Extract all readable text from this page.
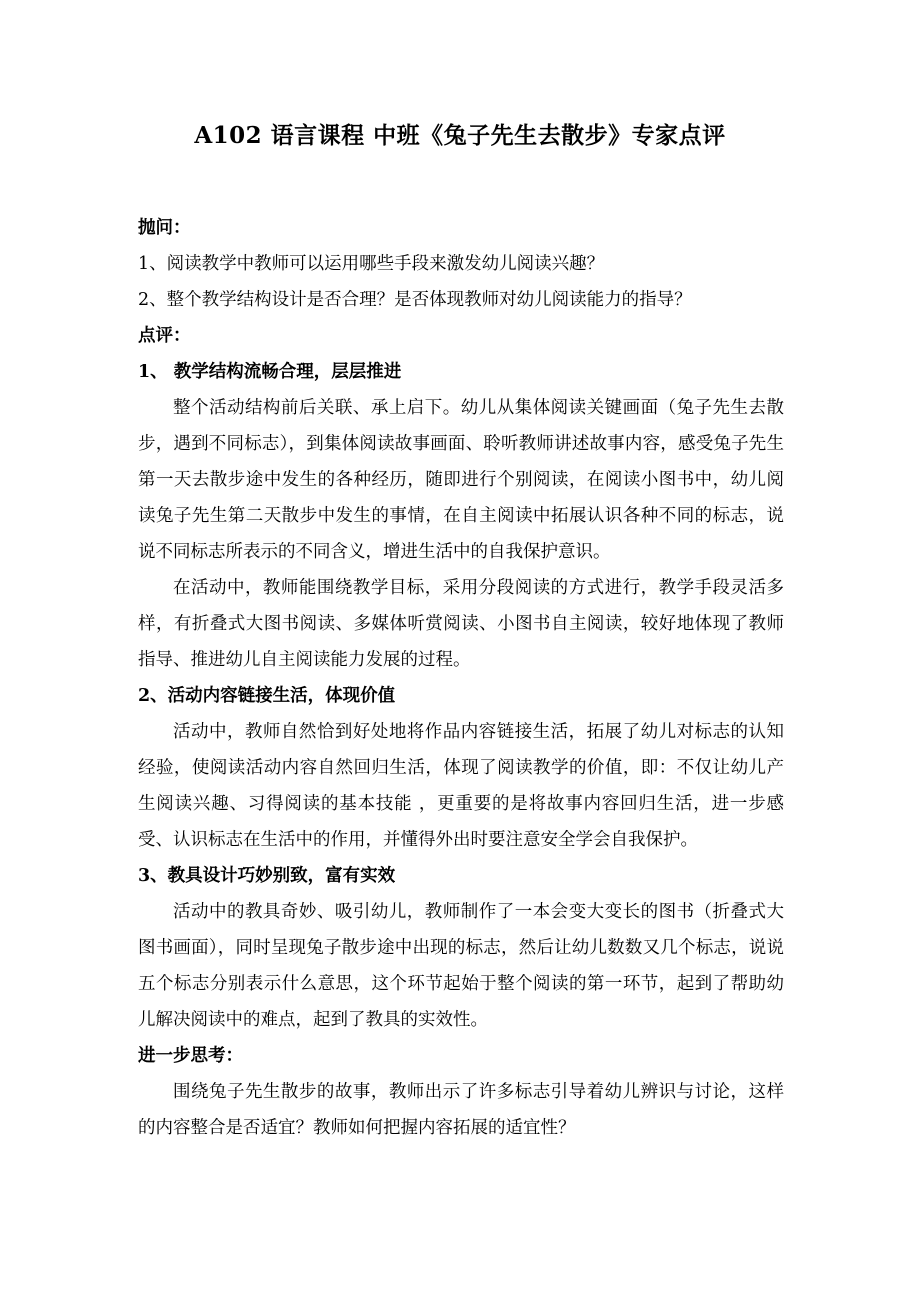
A102 语言课程 中班《兔子先生去散步》专家点评

抛问：

1、阅读教学中教师可以运用哪些手段来激发幼儿阅读兴趣？

2、整个教学结构设计是否合理？是否体现教师对幼儿阅读能力的指导？

点评：

1、 教学结构流畅合理，层层推进

整个活动结构前后关联、承上启下。幼儿从集体阅读关键画面（兔子先生去散步，遇到不同标志），到集体阅读故事画面、聆听教师讲述故事内容，感受兔子先生第一天去散步途中发生的各种经历，随即进行个别阅读，在阅读小图书中，幼儿阅读兔子先生第二天散步中发生的事情，在自主阅读中拓展认识各种不同的标志，说说不同标志所表示的不同含义，增进生活中的自我保护意识。

在活动中，教师能围绕教学目标，采用分段阅读的方式进行，教学手段灵活多样，有折叠式大图书阅读、多媒体听赏阅读、小图书自主阅读，较好地体现了教师指导、推进幼儿自主阅读能力发展的过程。

2、活动内容链接生活，体现价值

活动中，教师自然恰到好处地将作品内容链接生活，拓展了幼儿对标志的认知经验，使阅读活动内容自然回归生活，体现了阅读教学的价值，即：不仅让幼儿产生阅读兴趣、习得阅读的基本技能 ，更重要的是将故事内容回归生活，进一步感受、认识标志在生活中的作用，并懂得外出时要注意安全学会自我保护。

3、教具设计巧妙别致，富有实效

活动中的教具奇妙、吸引幼儿，教师制作了一本会变大变长的图书（折叠式大图书画面），同时呈现兔子散步途中出现的标志，然后让幼儿数数又几个标志，说说五个标志分别表示什么意思，这个环节起始于整个阅读的第一环节，起到了帮助幼儿解决阅读中的难点，起到了教具的实效性。

进一步思考：

围绕兔子先生散步的故事，教师出示了许多标志引导着幼儿辨识与讨论，这样的内容整合是否适宜？教师如何把握内容拓展的适宜性？
